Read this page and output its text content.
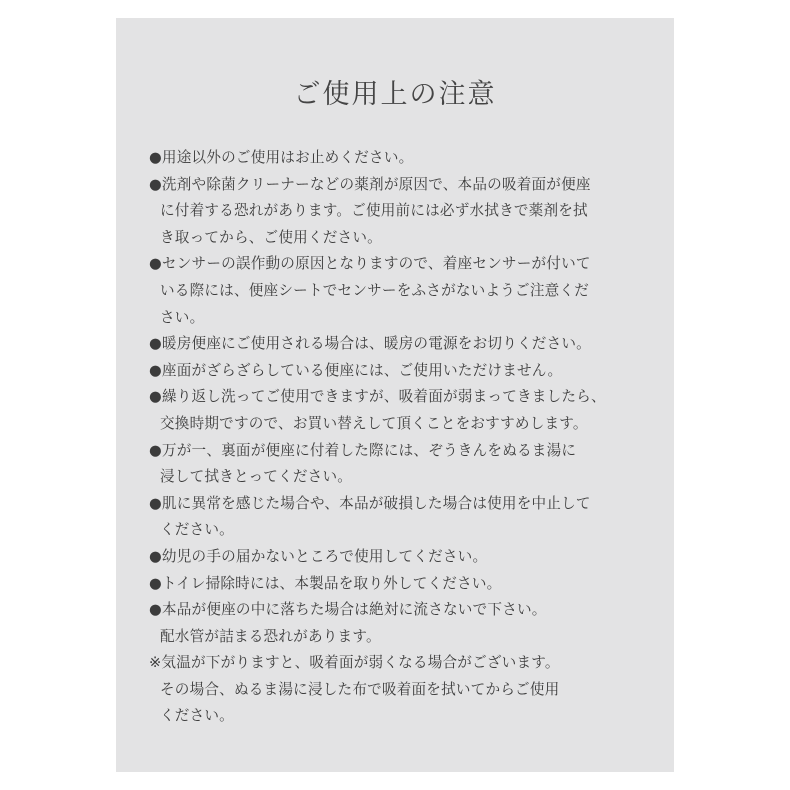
ご使用上の注意
●用途以外のご使用はお止めください。
●洗剤や除菌クリーナーなどの薬剤が原因で、本品の吸着面が便座
に付着する恐れがあります。ご使用前には必ず水拭きで薬剤を拭
き取ってから、ご使用ください。
●センサーの誤作動の原因となりますので、着座センサーが付いて
いる際には、便座シートでセンサーをふさがないようご注意くだ
さい。
●暖房便座にご使用される場合は、暖房の電源をお切りください。
●座面がざらざらしている便座には、ご使用いただけません。
●繰り返し洗ってご使用できますが、吸着面が弱まってきましたら、
交換時期ですので、お買い替えして頂くことをおすすめします。
●万が一、裏面が便座に付着した際には、ぞうきんをぬるま湯に
浸して拭きとってください。
●肌に異常を感じた場合や、本品が破損した場合は使用を中止して
ください。
●幼児の手の届かないところで使用してください。
●トイレ掃除時には、本製品を取り外してください。
●本品が便座の中に落ちた場合は絶対に流さないで下さい。
配水管が詰まる恐れがあります。
※気温が下がりますと、吸着面が弱くなる場合がございます。
その場合、ぬるま湯に浸した布で吸着面を拭いてからご使用
ください。
